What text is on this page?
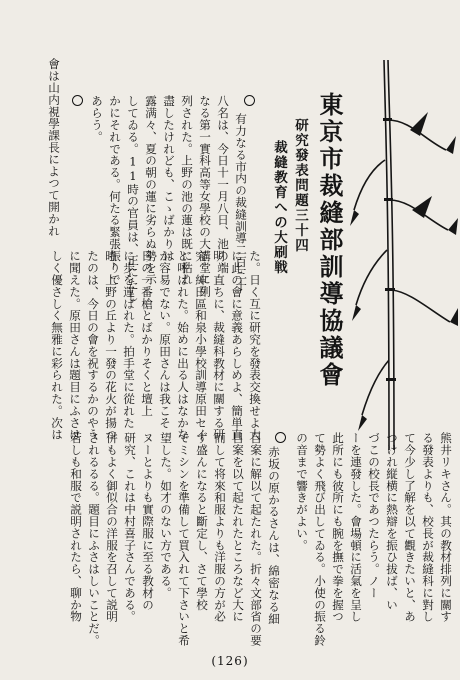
東京市裁縫部訓導協議會
研究發表問題三十四
裁縫教育への大刷戦
有力なる市内の裁縫訓導二百三十
八名は、今日十一月八日、池の端
なる第一實科高等女學校の大講堂に列
列された。上野の池の蓮は既に枯れ
盡したけれども、こゝばかりは
露满々、夏の朝の蓮に劣らぬ勢を示
してゐる。11時の官員は、正にたし
かにそれである。何たる緊張振りで
あらう。
會は山内視學課長によつて開かれ
た。日く互に研究を發表交換せよ大
に此の會に意義あらしめよ、簡単直
明、直ちに、裁縫科教材に關する研
究。紳田區和泉小學校訓導原田セイ
と呼ばれた。始めに出る人はなかな
か容易でない。原田さんは我こそ
日の一番槍とばかりそくと壇上
に歩を運ばれた。拍手堂に從れた
時、上野の丘より一發の花火が揚つ
たのは、今日の會を祝するかのやう
に聞えた。原田さんは題目にふさは
しく優さしく無雅に彩られた。次は
熊井リキさん。其の教材排列に關す
る發表よりも、校長が裁縫科に對し
て今少し了解を以て觀きたいと、あ
つけれ縦横に熱辯を振ひ拔ば、い
づこの校長であつたらう。ノー
ーを連發した。會場頓に活氣を呈し
此所にも彼所にも腕を撫で拳を握つ
て勢よく飛び出してゐる。小使の振る鈴
の音まで響きがよい。
赤坂の原かるさんは、綿密なる細
目案に解以て起たれた。折々文部省の要
目案を以て起たれたところなど大に
而して将來和服よりも洋服の方が必
ず盛んになると斷定し、さて學校
でミシンを準備して買入れて下さいと希
望した。如才のない方である。
ヌーとよりも實際服に至る教材の
研究、これは中村喜子さんである。
併もよく御似合の洋服を召して説明
されるるる。題目にふさはしいことだ。
若しも和服で説明されたら、聊か物
(126)
